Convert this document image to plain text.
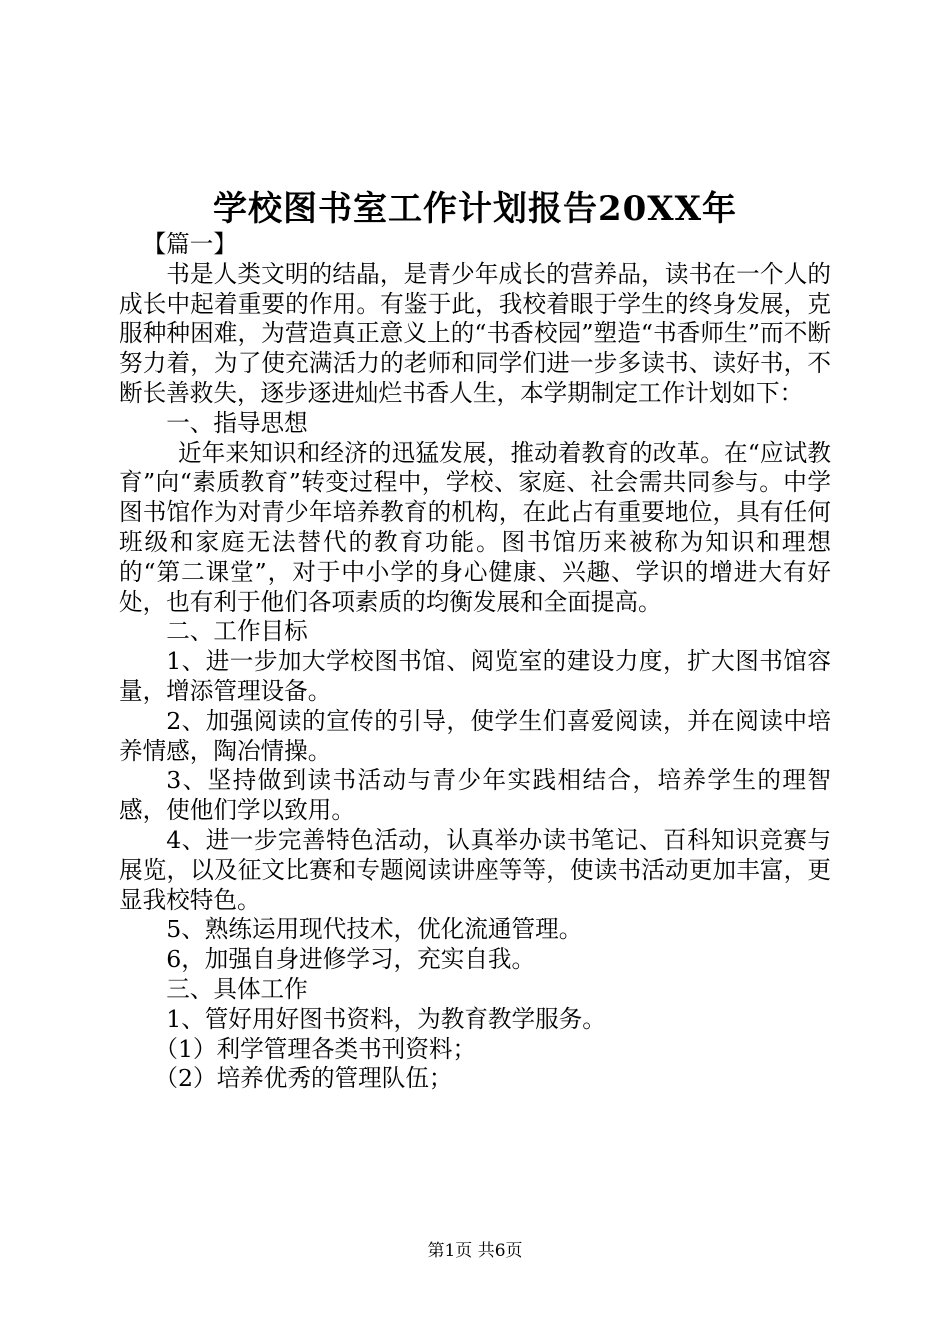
学校图书室工作计划报告20XX年

【篇一】

书是人类文明的结晶，是青少年成长的营养品，读书在一个人的成长中起着重要的作用。有鉴于此，我校着眼于学生的终身发展，克服种种困难，为营造真正意义上的“书香校园”塑造“书香师生”而不断努力着，为了使充满活力的老师和同学们进一步多读书、读好书，不断长善救失，逐步逐进灿烂书香人生，本学期制定工作计划如下：

一、指导思想

近年来知识和经济的迅猛发展，推动着教育的改革。在“应试教育”向“素质教育”转变过程中，学校、家庭、社会需共同参与。中学图书馆作为对青少年培养教育的机构，在此占有重要地位，具有任何班级和家庭无法替代的教育功能。图书馆历来被称为知识和理想的“第二课堂”，对于中小学的身心健康、兴趣、学识的增进大有好处，也有利于他们各项素质的均衡发展和全面提高。

二、工作目标

1、进一步加大学校图书馆、阅览室的建设力度，扩大图书馆容量，增添管理设备。

2、加强阅读的宣传的引导，使学生们喜爱阅读，并在阅读中培养情感，陶冶情操。

3、坚持做到读书活动与青少年实践相结合，培养学生的理智感，使他们学以致用。

4、进一步完善特色活动，认真举办读书笔记、百科知识竞赛与展览，以及征文比赛和专题阅读讲座等等，使读书活动更加丰富，更显我校特色。

5、熟练运用现代技术，优化流通管理。

6，加强自身进修学习，充实自我。

三、具体工作

1、管好用好图书资料，为教育教学服务。

（1）利学管理各类书刊资料；

（2）培养优秀的管理队伍；

第1页 共6页
